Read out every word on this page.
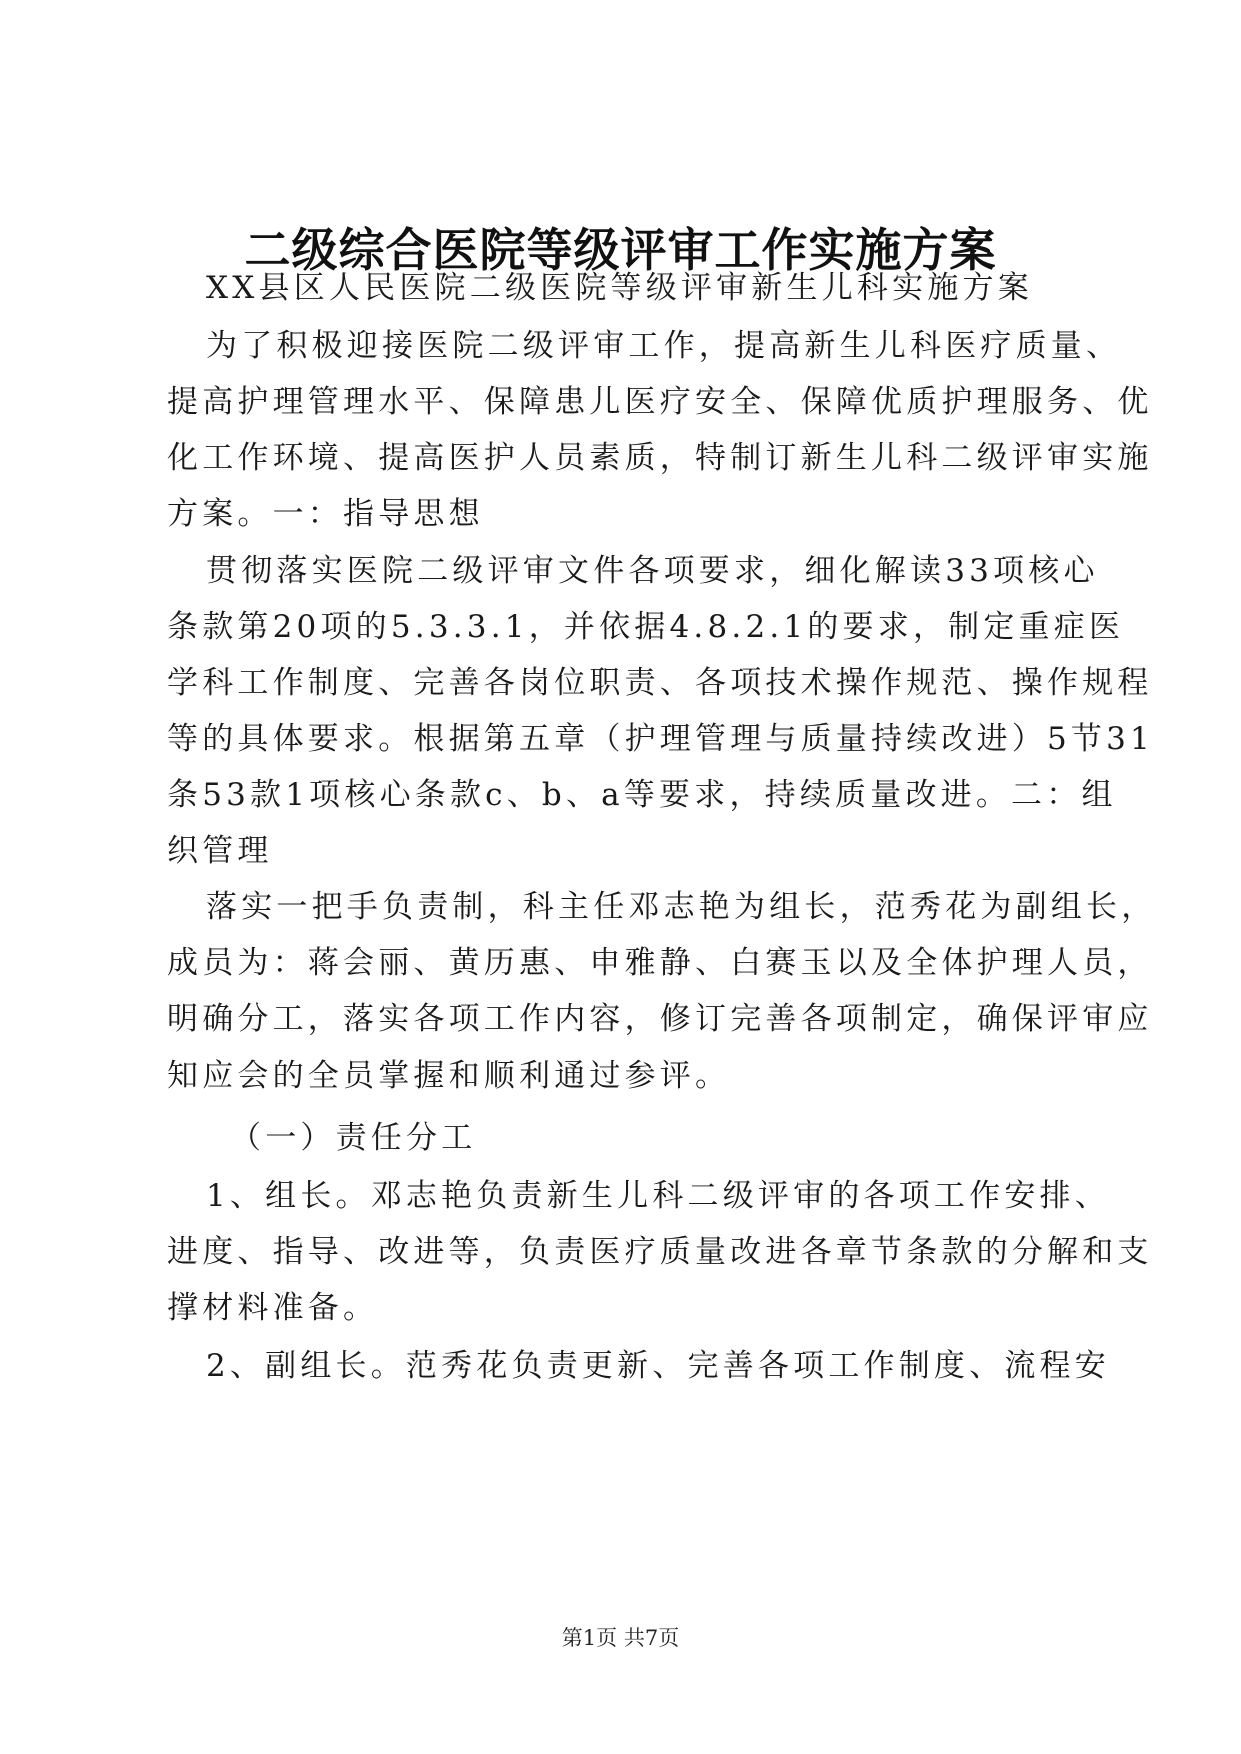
二级综合医院等级评审工作实施方案
XX县区人民医院二级医院等级评审新生儿科实施方案
为了积极迎接医院二级评审工作，提高新生儿科医疗质量、
提高护理管理水平、保障患儿医疗安全、保障优质护理服务、优
化工作环境、提高医护人员素质，特制订新生儿科二级评审实施
方案。一：指导思想
贯彻落实医院二级评审文件各项要求，细化解读33项核心
条款第20项的5.3.3.1，并依据4.8.2.1的要求，制定重症医
学科工作制度、完善各岗位职责、各项技术操作规范、操作规程
等的具体要求。根据第五章（护理管理与质量持续改进）5节31
条53款1项核心条款c、b、a等要求，持续质量改进。二：组
织管理
落实一把手负责制，科主任邓志艳为组长，范秀花为副组长，
成员为：蒋会丽、黄历惠、申雅静、白赛玉以及全体护理人员，
明确分工，落实各项工作内容，修订完善各项制定，确保评审应
知应会的全员掌握和顺利通过参评。
（一）责任分工
1、组长。邓志艳负责新生儿科二级评审的各项工作安排、
进度、指导、改进等，负责医疗质量改进各章节条款的分解和支
撑材料准备。
2、副组长。范秀花负责更新、完善各项工作制度、流程安
第1页 共7页
